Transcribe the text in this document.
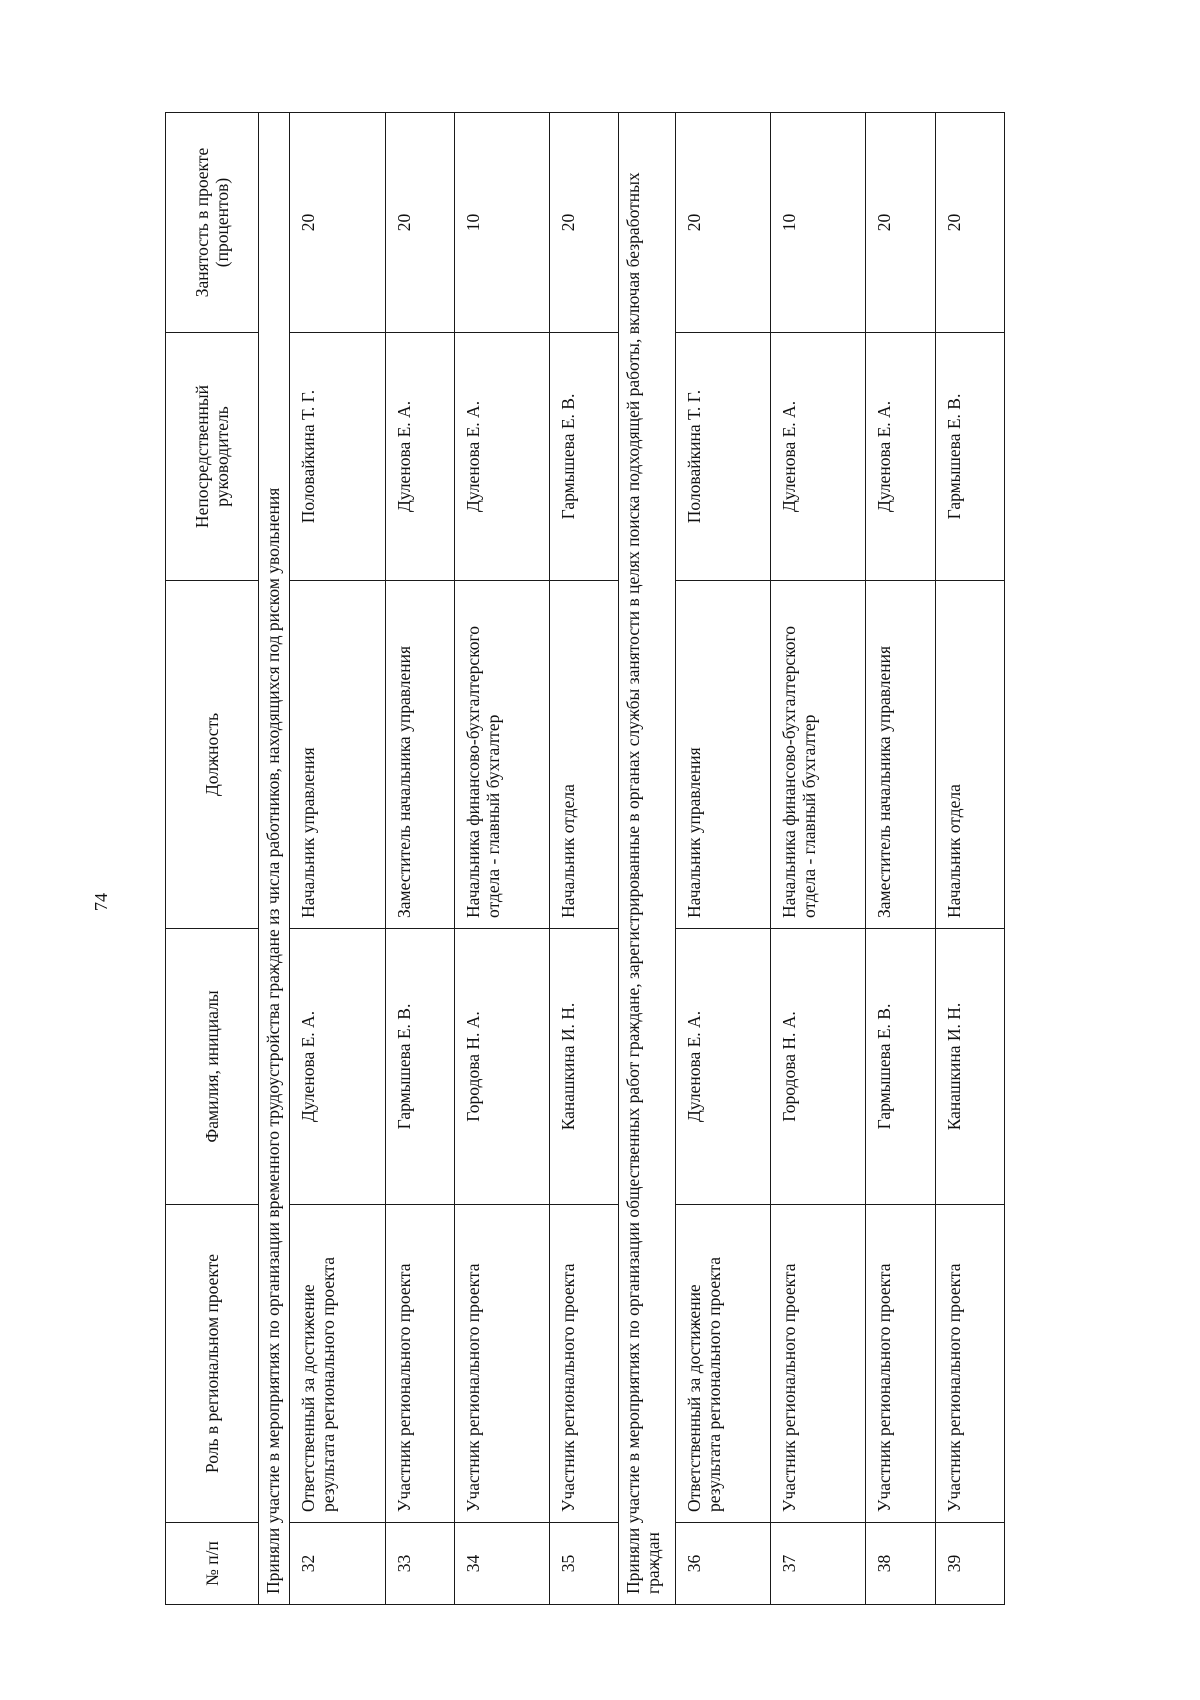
74
№ п/п	Роль в региональном проекте	Фамилия, инициалы	Должность	Непосредственный руководитель	Занятость в проекте (процентов)
Приняли участие в мероприятиях по организации временного трудоустройства граждане из числа работников, находящихся под риском увольнения					
32	Ответственный за достижение результата регионального проекта	Дуленова Е. А.	Начальник управления	Половайкина Т. Г.	20
33	Участник регионального проекта	Гармышева Е. В.	Заместитель начальника управления	Дуленова Е. А.	20
34	Участник регионального проекта	Городова Н. А.	Начальника финансово-бухгалтерского отдела - главный бухгалтер	Дуленова Е. А.	10
35	Участник регионального проекта	Канашкина И. Н.	Начальник отдела	Гармышева Е. В.	20
Приняли участие в мероприятиях по организации общественных работ граждане, зарегистрированные в органах службы занятости в целях поиска подходящей работы, включая безработных граждан					
36	Ответственный за достижение результата регионального проекта	Дуленова Е. А.	Начальник управления	Половайкина Т. Г.	20
37	Участник регионального проекта	Городова Н. А.	Начальника финансово-бухгалтерского отдела - главный бухгалтер	Дуленова Е. А.	10
38	Участник регионального проекта	Гармышева Е. В.	Заместитель начальника управления	Дуленова Е. А.	20
39	Участник регионального проекта	Канашкина И. Н.	Начальник отдела	Гармышева Е. В.	20
